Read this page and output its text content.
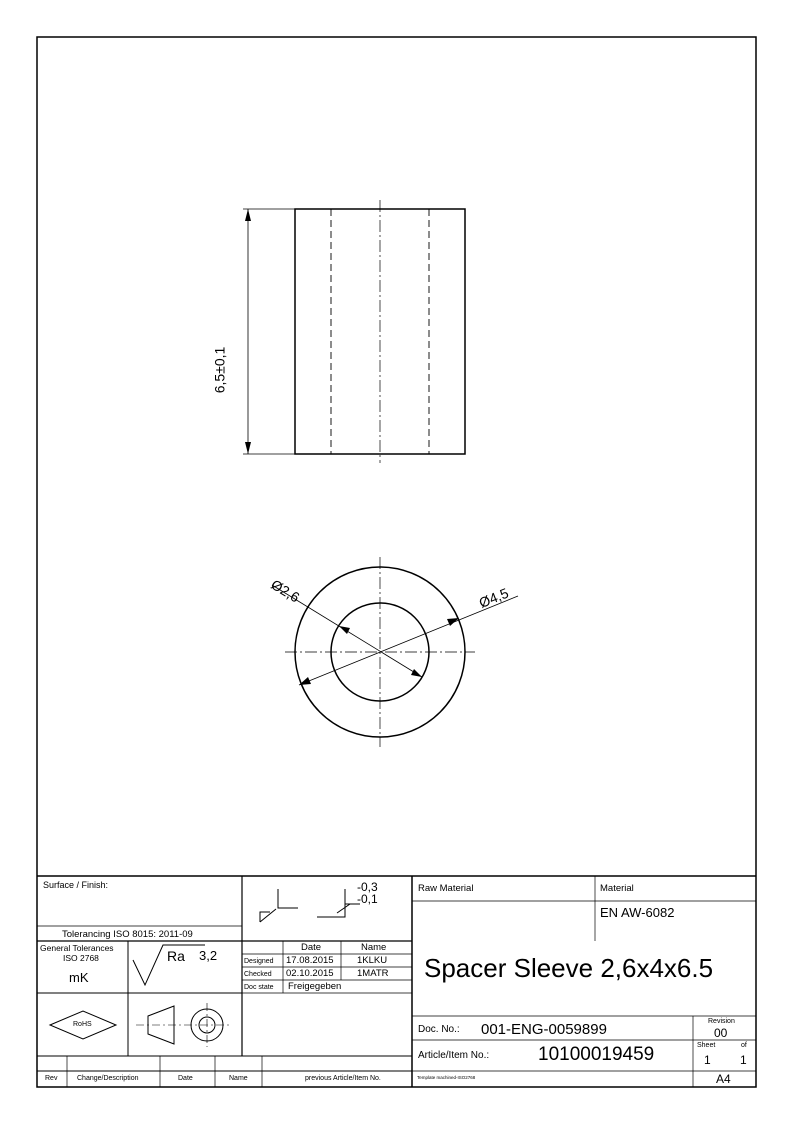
6,5±0,1
Ø2,6	Ø4,5
Surface / Finish:
Tolerancing ISO 8015: 2011-09
General Tolerances
ISO 2768
mK
Ra 3,2
-0,3
-0,1
Date	Name
Designed 17.08.2015 1KLKU
Checked 02.10.2015 1MATR
Doc state Freigegeben
RoHS
Rev	Change/Description	Date	Name	previous Article/Item No.
Raw Material	Material
EN AW-6082
Spacer Sleeve 2,6x4x6.5
Doc. No.: 001-ENG-0059899	Revision
00
Article/Item No.:	10100019459	Sheet	of
1 1
Template machined-ISO2768	A4
